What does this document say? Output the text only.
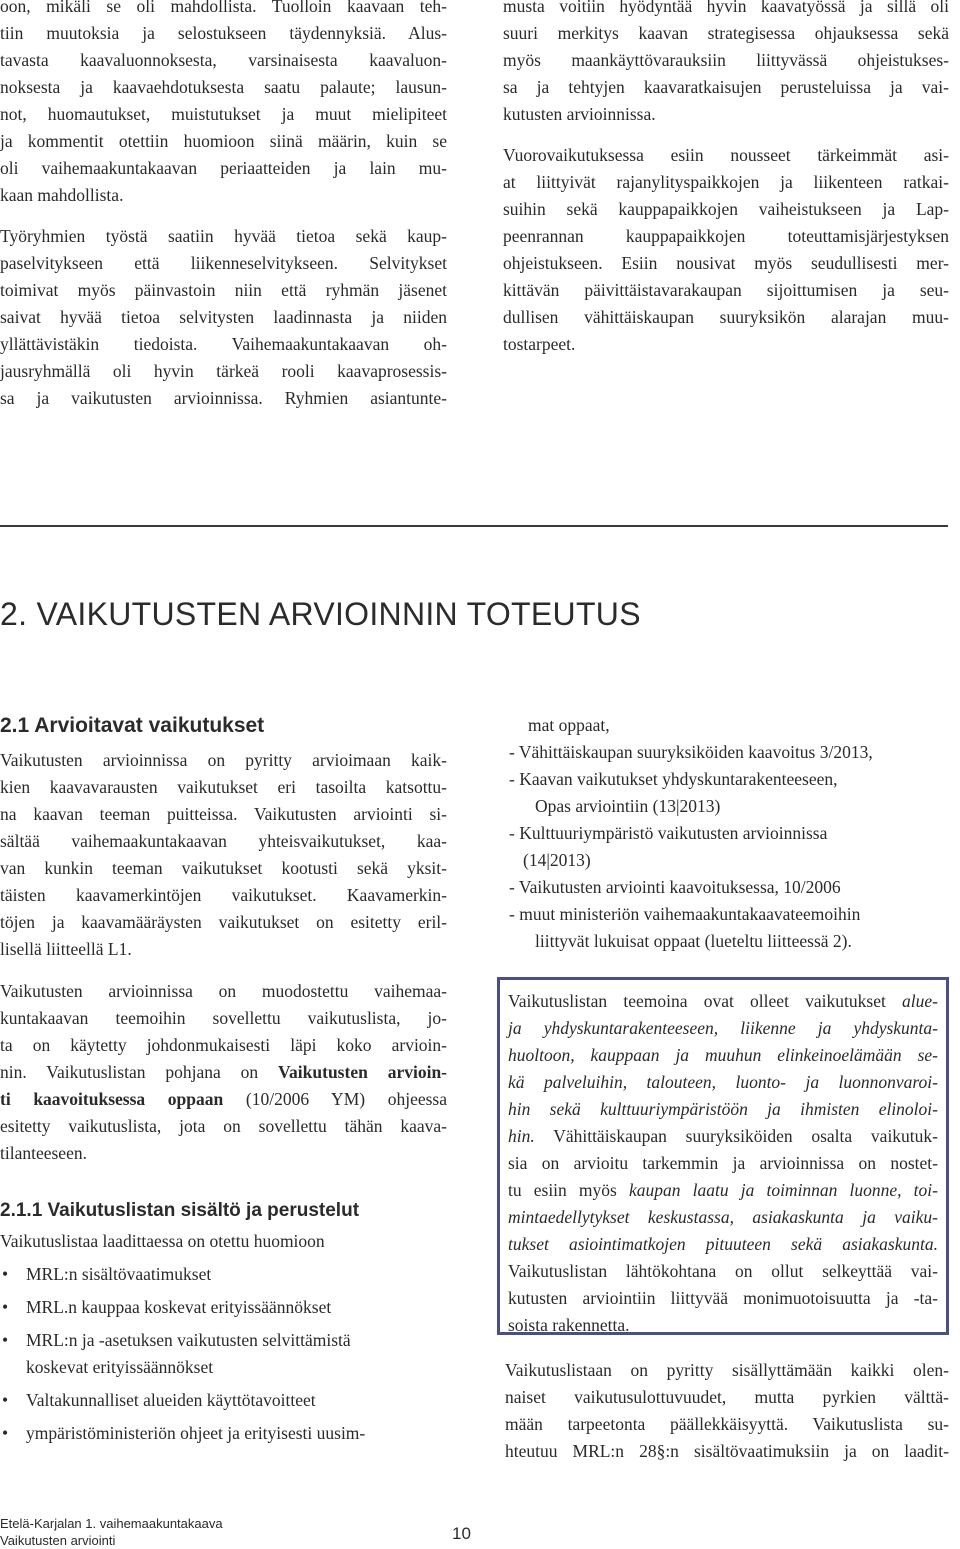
oon, mikäli se oli mahdollista. Tuolloin kaavaan teh-
tiin muutoksia ja selostukseen täydennyksiä. Alus-
tavasta kaavaluonnoksesta, varsinaisesta kaavaluon-
noksesta ja kaavaehdotuksesta saatu palaute; lausun-
not, huomautukset, muistutukset ja muut mielipiteet
ja kommentit otettiin huomioon siinä määrin, kuin se
oli vaihemaakuntakaavan periaatteiden ja lain mu-
kaan mahdollista.
Työryhmien työstä saatiin hyvää tietoa sekä kaup-
paselvitykseen että liikenneselvitykseen. Selvitykset
toimivat myös päinvastoin niin että ryhmän jäsenet
saivat hyvää tietoa selvitysten laadinnasta ja niiden
yllättävistäkin tiedoista. Vaihemaakuntakaavan oh-
jausryhmällä oli hyvin tärkeä rooli kaavaprosessis-
sa ja vaikutusten arvioinnissa. Ryhmien asiantunte-
musta voitiin hyödyntää hyvin kaavatyössä ja sillä oli
suuri merkitys kaavan strategisessa ohjauksessa sekä
myös maankäyttövarauksiin liittyvässä ohjeistukses-
sa ja tehtyjen kaavaratkaisujen perusteluissa ja vai-
kutusten arvioinnissa.
Vuorovaikutuksessa esiin nousseet tärkeimmät asi-
at liittyivät rajanylityspaikkojen ja liikenteen ratkai-
suihin sekä kauppapaikkojen vaiheistukseen ja Lap-
peenrannan kauppapaikkojen toteuttamisjärjestyksen
ohjeistukseen. Esiin nousivat myös seudullisesti mer-
kittävän päivittäistavarakaupan sijoittumisen ja seu-
dullisen vähittäiskaupan suuryksikön alarajan muu-
tostarpeet.
2. VAIKUTUSTEN ARVIOINNIN TOTEUTUS
2.1 Arvioitavat vaikutukset
Vaikutusten arvioinnissa on pyritty arvioimaan kaik-
kien kaavavarausten vaikutukset eri tasoilta katsottu-
na kaavan teeman puitteissa. Vaikutusten arviointi si-
sältää vaihemaakuntakaavan yhteisvaikutukset, kaa-
van kunkin teeman vaikutukset kootusti sekä yksit-
täisten kaavamerkintöjen vaikutukset. Kaavamerkin-
töjen ja kaavamääräysten vaikutukset on esitetty eril-
lisellä liitteellä L1.
Vaikutusten arvioinnissa on muodostettu vaihemaa-
kuntakaavan teemoihin sovellettu vaikutuslista, jo-
ta on käytetty johdonmukaisesti läpi koko arvioin-
nin. Vaikutuslistan pohjana on Vaikutusten arvioin-
ti kaavoituksessa oppaan (10/2006 YM) ohjeessa
esitetty vaikutuslista, jota on sovellettu tähän kaava-
tilanteeseen.
2.1.1 Vaikutuslistan sisältö ja perustelut
Vaikutuslistaa laadittaessa on otettu huomioon
• MRL:n sisältövaatimukset
• MRL.n kauppaa koskevat erityissäännökset
• MRL:n ja -asetuksen vaikutusten selvittämistä
koskevat erityissäännökset
• Valtakunnalliset alueiden käyttötavoitteet
• ympäristöministeriön ohjeet ja erityisesti uusim-
mat oppaat,
- Vähittäiskaupan suuryksiköiden kaavoitus 3/2013,
- Kaavan vaikutukset yhdyskuntarakenteeseen,
Opas arviointiin (13|2013)
- Kulttuuriympäristö vaikutusten arvioinnissa
(14|2013)
- Vaikutusten arviointi kaavoituksessa, 10/2006
- muut ministeriön vaihemaakuntakaavateemoihin
liittyvät lukuisat oppaat (lueteltu liitteessä 2).
Vaikutuslistan teemoina ovat olleet vaikutukset alue-
ja yhdyskuntarakenteeseen, liikenne ja yhdyskunta-
huoltoon, kauppaan ja muuhun elinkeinoelämään se-
kä palveluihin, talouteen, luonto- ja luonnonvaroi-
hin sekä kulttuuriympäristöön ja ihmisten elinoloi-
hin. Vähittäiskaupan suuryksiköiden osalta vaikutuk-
sia on arvioitu tarkemmin ja arvioinnissa on nostet-
tu esiin myös kaupan laatu ja toiminnan luonne, toi-
mintaedellytykset keskustassa, asiakaskunta ja vaiku-
tukset asiointimatkojen pituuteen sekä asiakaskunta.
Vaikutuslistan lähtökohtana on ollut selkeyttää vai-
kutusten arviointiin liittyvää monimuotoisuutta ja -ta-
soista rakennetta.
Vaikutuslistaan on pyritty sisällyttämään kaikki olen-
naiset vaikutusulottuvuudet, mutta pyrkien välttä-
mään tarpeetonta päällekkäisyyttä. Vaikutuslista su-
hteutuu MRL:n 28§:n sisältövaatimuksiin ja on laadit-
Etelä-Karjalan 1. vaihemaakuntakaava
Vaikutusten arviointi	10
